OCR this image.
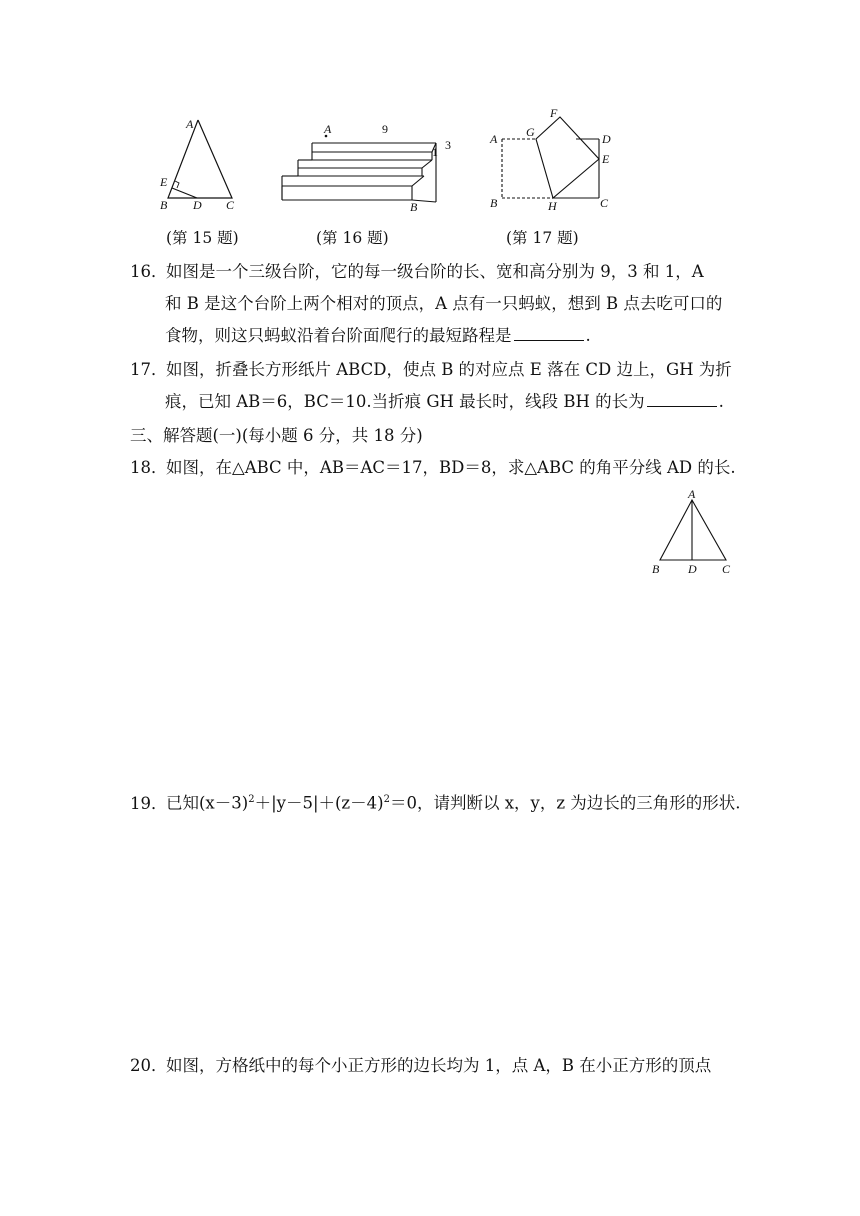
A
E
B D C
(第 15 题)
A	9
1 3
B
(第 16 题)
A G
F
D
E
B	H	C
(第 17 题)
16．如图是一个三级台阶，它的每一级台阶的长、宽和高分别为 9，3 和 1，A
和 B 是这个台阶上两个相对的顶点，A 点有一只蚂蚁，想到 B 点去吃可口的
食物，则这只蚂蚁沿着台阶面爬行的最短路程是	.
17．如图，折叠长方形纸片 ABCD，使点 B 的对应点 E 落在 CD 边上，GH 为折
痕，已知 AB＝6，BC＝10.当折痕 GH 最长时，线段 BH 的长为	.
三、解答题(一)(每小题 6 分，共 18 分)
18．如图，在△ABC 中，AB＝AC＝17，BD＝8，求△ABC 的角平分线 AD 的长.
A
B D C
19．已知$(x-3)^2+|y-5|+(z-4)^2=0$，请判断以 x，y，z 为边长的三角形的形状.
20．如图，方格纸中的每个小正方形的边长均为 1，点 A，B 在小正方形的顶点
